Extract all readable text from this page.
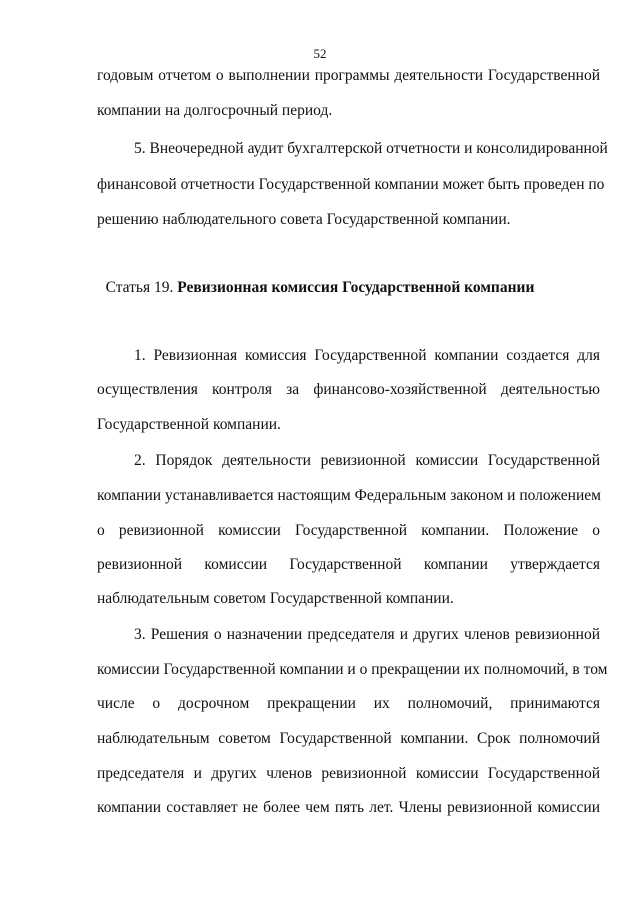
52
годовым отчетом о выполнении программы деятельности Государственной
компании на долгосрочный период.
5. Внеочередной аудит бухгалтерской отчетности и консолидированной
финансовой отчетности Государственной компании может быть проведен по
решению наблюдательного совета Государственной компании.
Статья 19. Ревизионная комиссия Государственной компании
1. Ревизионная комиссия Государственной компании создается для
осуществления контроля за финансово-хозяйственной деятельностью
Государственной компании.
2. Порядок деятельности ревизионной комиссии Государственной
компании устанавливается настоящим Федеральным законом и положением
о ревизионной комиссии Государственной компании. Положение о
ревизионной комиссии Государственной компании утверждается
наблюдательным советом Государственной компании.
3. Решения о назначении председателя и других членов ревизионной
комиссии Государственной компании и о прекращении их полномочий, в том
числе о досрочном прекращении их полномочий, принимаются
наблюдательным советом Государственной компании. Срок полномочий
председателя и других членов ревизионной комиссии Государственной
компании составляет не более чем пять лет. Члены ревизионной комиссии
